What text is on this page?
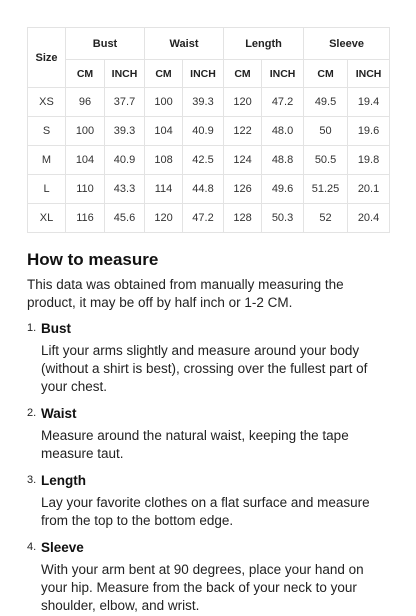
Size	Bust		Waist		Length		Sleeve	
	CM	INCH	CM	INCH	CM	INCH	CM	INCH
XS	96	37.7	100	39.3	120	47.2	49.5	19.4
S	100	39.3	104	40.9	122	48.0	50	19.6
M	104	40.9	108	42.5	124	48.8	50.5	19.8
L	110	43.3	114	44.8	126	49.6	51.25	20.1
XL	116	45.6	120	47.2	128	50.3	52	20.4
How to measure

This data was obtained from manually measuring the product, it may be off by half inch or 1-2 CM.

1. Bust
Lift your arms slightly and measure around your body (without a shirt is best), crossing over the fullest part of your chest.
2. Waist
Measure around the natural waist, keeping the tape measure taut.
3. Length
Lay your favorite clothes on a flat surface and measure from the top to the bottom edge.
4. Sleeve
With your arm bent at 90 degrees, place your hand on your hip. Measure from the back of your neck to your shoulder, elbow, and wrist.
